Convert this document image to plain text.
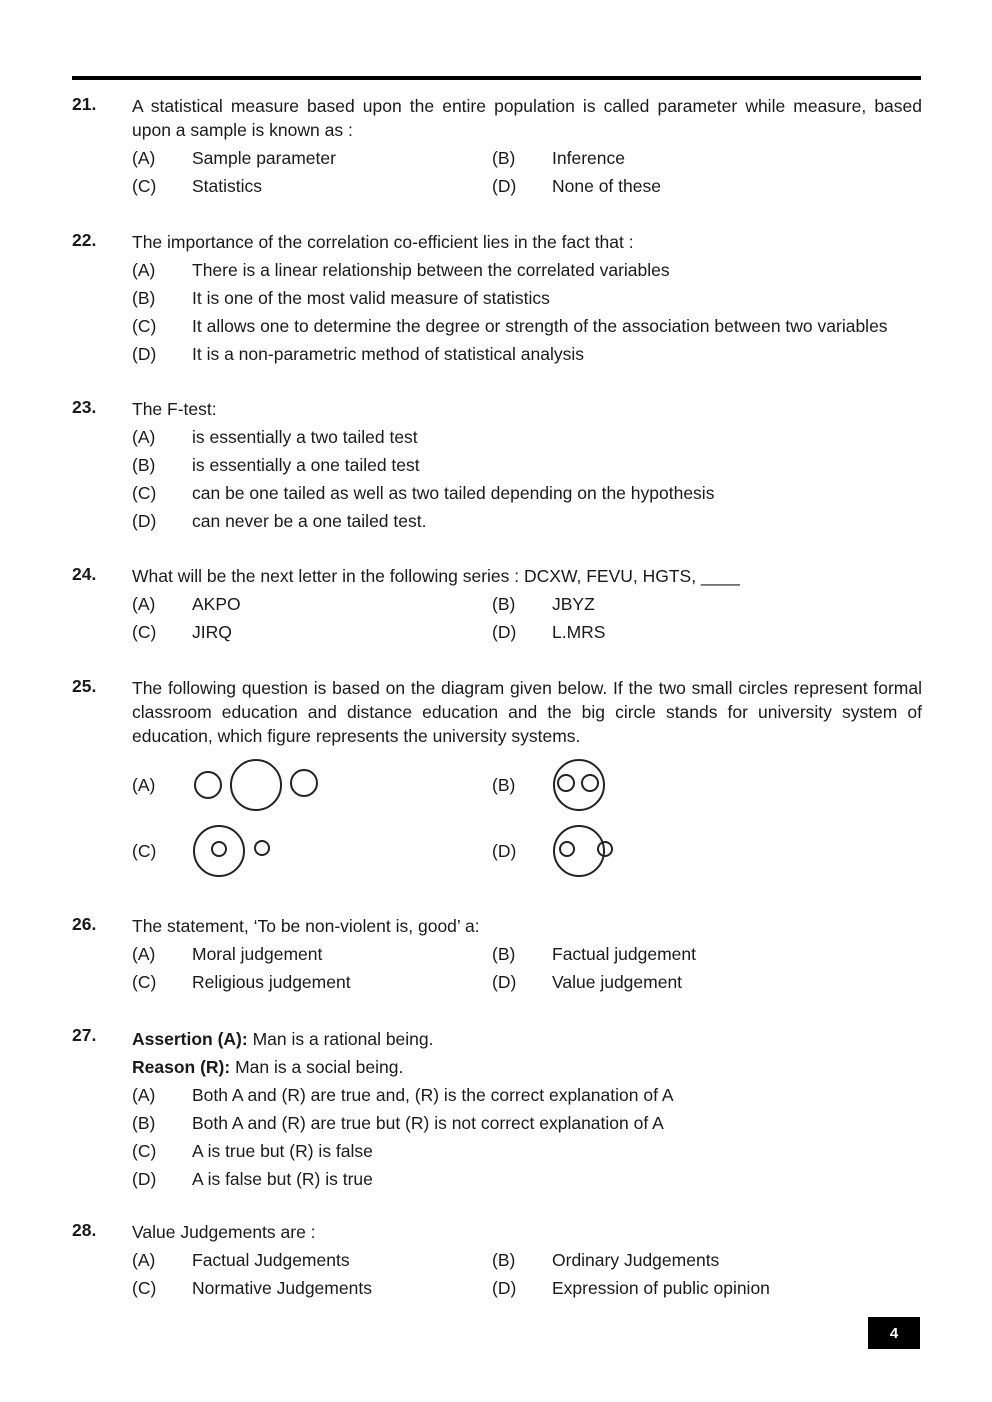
21. A statistical measure based upon the entire population is called parameter while measure, based upon a sample is known as :
(A)	Sample parameter	(B)	Inference
(C)	Statistics	(D)	None of these
22. The importance of the correlation co-efficient lies in the fact that :
(A)	There is a linear relationship between the correlated variables
(B)	It is one of the most valid measure of statistics
(C)	It allows one to determine the degree or strength of the association between two variables
(D)	It is a non-parametric method of statistical analysis
23. The F-test:
(A)	is essentially a two tailed test
(B)	is essentially a one tailed test
(C)	can be one tailed as well as two tailed depending on the hypothesis
(D)	can never be a one tailed test.
24. What will be the next letter in the following series : DCXW, FEVU, HGTS, ____
(A)	AKPO	(B)	JBYZ
(C)	JIRQ	(D)	L.MRS
25. The following question is based on the diagram given below. If the two small circles represent formal classroom education and distance education and the big circle stands for university system of education, which figure represents the university systems.
(A)	(B)
(C)	(D)
26. The statement, ‘To be non-violent is, good’ a:
(A)	Moral judgement	(B)	Factual judgement
(C)	Religious judgement	(D)	Value judgement
27. Assertion (A): Man is a rational being.
Reason (R): Man is a social being.
(A)	Both A and (R) are true and, (R) is the correct explanation of A
(B)	Both A and (R) are true but (R) is not correct explanation of A
(C)	A is true but (R) is false
(D)	A is false but (R) is true
28. Value Judgements are :
(A)	Factual Judgements	(B)	Ordinary Judgements
(C)	Normative Judgements	(D)	Expression of public opinion
4
